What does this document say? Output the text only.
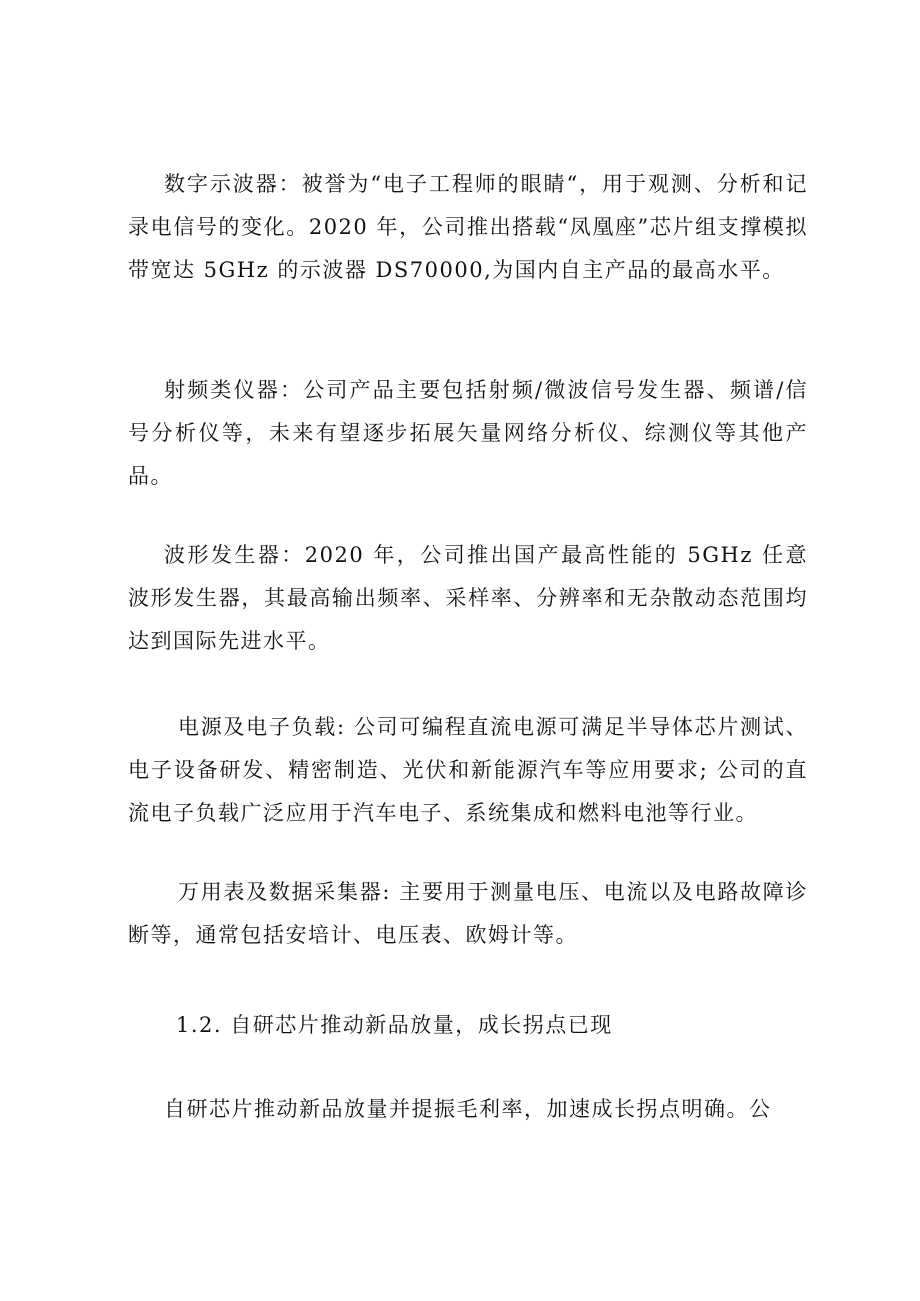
数字示波器：被誉为“电子工程师的眼睛“，用于观测、分析和记录电信号的变化。2020 年，公司推出搭载“凤凰座”芯片组支撑模拟带宽达 5GHz 的示波器 DS70000,为国内自主产品的最高水平。

射频类仪器：公司产品主要包括射频/微波信号发生器、频谱/信号分析仪等，未来有望逐步拓展矢量网络分析仪、综测仪等其他产品。

波形发生器：2020 年，公司推出国产最高性能的 5GHz 任意波形发生器，其最高输出频率、采样率、分辨率和无杂散动态范围均达到国际先进水平。

电源及电子负载: 公司可编程直流电源可满足半导体芯片测试、电子设备研发、精密制造、光伏和新能源汽车等应用要求; 公司的直流电子负载广泛应用于汽车电子、系统集成和燃料电池等行业。

万用表及数据采集器: 主要用于测量电压、电流以及电路故障诊断等，通常包括安培计、电压表、欧姆计等。

1.2. 自研芯片推动新品放量，成长拐点已现

自研芯片推动新品放量并提振毛利率，加速成长拐点明确。公
